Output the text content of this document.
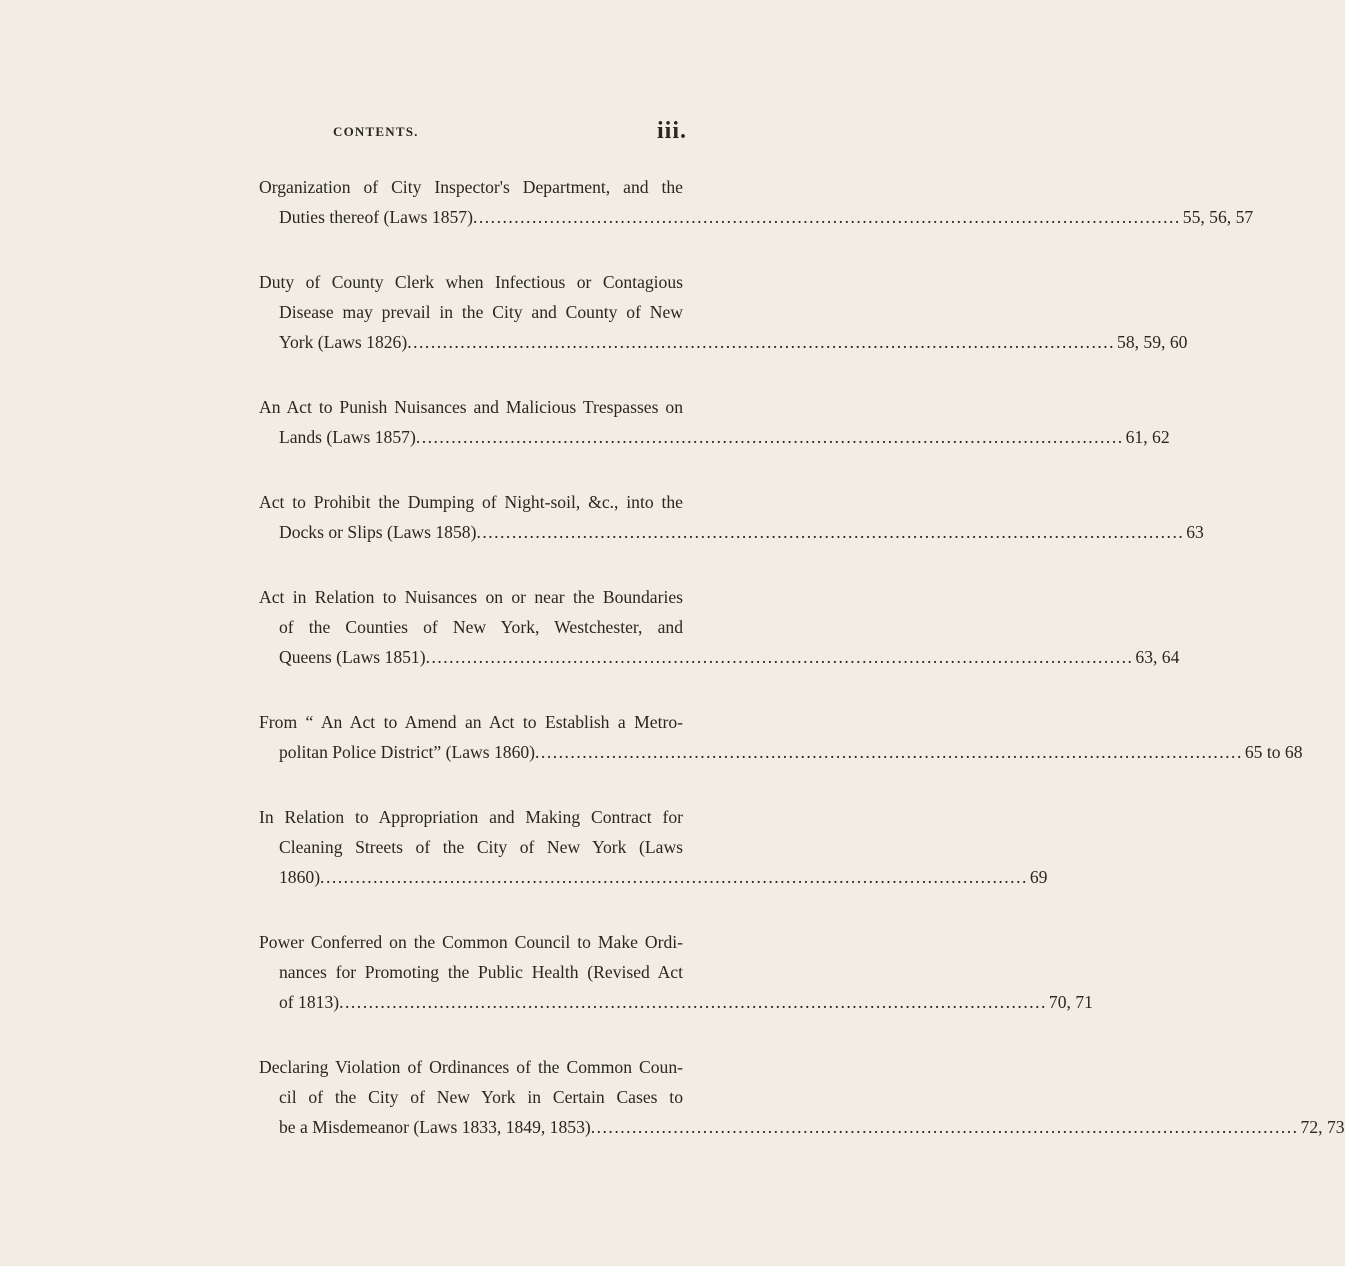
CONTENTS.	iii.
Organization of City Inspector's Department, and the
Duties thereof (Laws 1857) ........................................................................................................................ 55, 56, 57
Duty of County Clerk when Infectious or Contagious
Disease may prevail in the City and County of New
York (Laws 1826) ........................................................................................................................ 58, 59, 60
An Act to Punish Nuisances and Malicious Trespasses on
Lands (Laws 1857) ........................................................................................................................ 61, 62
Act to Prohibit the Dumping of Night-soil, &c., into the
Docks or Slips (Laws 1858) ........................................................................................................................ 63
Act in Relation to Nuisances on or near the Boundaries
of the Counties of New York, Westchester, and
Queens (Laws 1851) ........................................................................................................................ 63, 64
From “ An Act to Amend an Act to Establish a Metro-
politan Police District” (Laws 1860) ........................................................................................................................ 65 to 68
In Relation to Appropriation and Making Contract for
Cleaning Streets of the City of New York (Laws
1860) ........................................................................................................................ 69
Power Conferred on the Common Council to Make Ordi-
nances for Promoting the Public Health (Revised Act
of 1813) ........................................................................................................................ 70, 71
Declaring Violation of Ordinances of the Common Coun-
cil of the City of New York in Certain Cases to
be a Misdemeanor (Laws 1833, 1849, 1853) ........................................................................................................................ 72, 73
